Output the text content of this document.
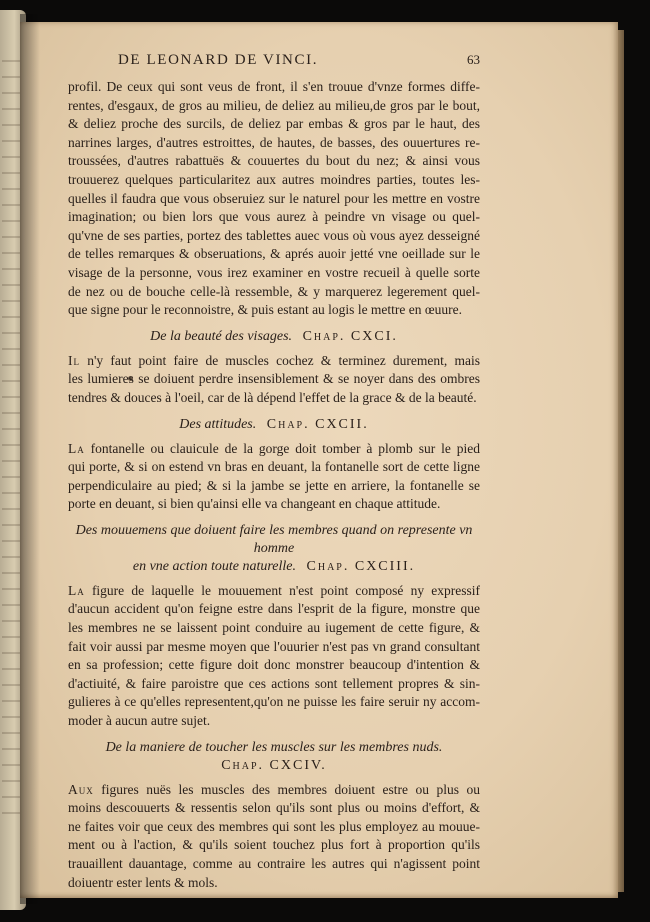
DE LEONARD DE VINCI.	63

profil. De ceux qui sont veus de front, il s'en trouue d'vnze formes diffe-
rentes, d'esgaux, de gros au milieu, de deliez au milieu,de gros par le bout,
& deliez proche des surcils, de deliez par embas & gros par le haut, des
narrines larges, d'autres estroittes, de hautes, de basses, des ouuertures re-
troussées, d'autres rabattuës & couuertes du bout du nez; & ainsi vous
trouuerez quelques particularitez aux autres moindres parties, toutes les-
quelles il faudra que vous obseruiez sur le naturel pour les mettre en vostre
imagination; ou bien lors que vous aurez à peindre vn visage ou quel-
qu'vne de ses parties, portez des tablettes auec vous où vous ayez desseigné
de telles remarques & obseruations, & aprés auoir jetté vne oeillade sur le
visage de la personne, vous irez examiner en vostre recueil à quelle sorte
de nez ou de bouche celle-là ressemble, & y marquerez legerement quel-
que signe pour le reconnoistre, & puis estant au logis le mettre en œuure.

De la beauté des visages. Chap. CXCI.

Il n'y faut point faire de muscles cochez & terminez durement, mais
les lumieres se doiuent perdre insensiblement & se noyer dans des ombres
tendres & douces à l'oeil, car de là dépend l'effet de la grace & de la beauté.

Des attitudes. Chap. CXCII.

La fontanelle ou clauicule de la gorge doit tomber à plomb sur le pied
qui porte, & si on estend vn bras en deuant, la fontanelle sort de cette ligne
perpendiculaire au pied; & si la jambe se jette en arriere, la fontanelle se
porte en deuant, si bien qu'ainsi elle va changeant en chaque attitude.

Des mouuemens que doiuent faire les membres quand on represente vn homme
en vne action toute naturelle. Chap. CXCIII.

La figure de laquelle le mouuement n'est point composé ny expressif
d'aucun accident qu'on feigne estre dans l'esprit de la figure, monstre que
les membres ne se laissent point conduire au iugement de cette figure, &
fait voir aussi par mesme moyen que l'ouurier n'est pas vn grand consultant
en sa profession; cette figure doit donc monstrer beaucoup d'intention &
d'actiuité, & faire paroistre que ces actions sont tellement propres & sin-
gulieres à ce qu'elles representent,qu'on ne puisse les faire seruir ny accom-
moder à aucun autre sujet.

De la maniere de toucher les muscles sur les membres nuds.
Chap. CXCIV.

Aux figures nuës les muscles des membres doiuent estre ou plus ou
moins descouuerts & ressentis selon qu'ils sont plus ou moins d'effort, &
ne faites voir que ceux des membres qui sont les plus employez au mouue-
ment ou à l'action, & qu'ils soient touchez plus fort à proportion qu'ils
trauaillent dauantage, comme au contraire les autres qui n'agissent point
doiuentr ester lents & mols.
